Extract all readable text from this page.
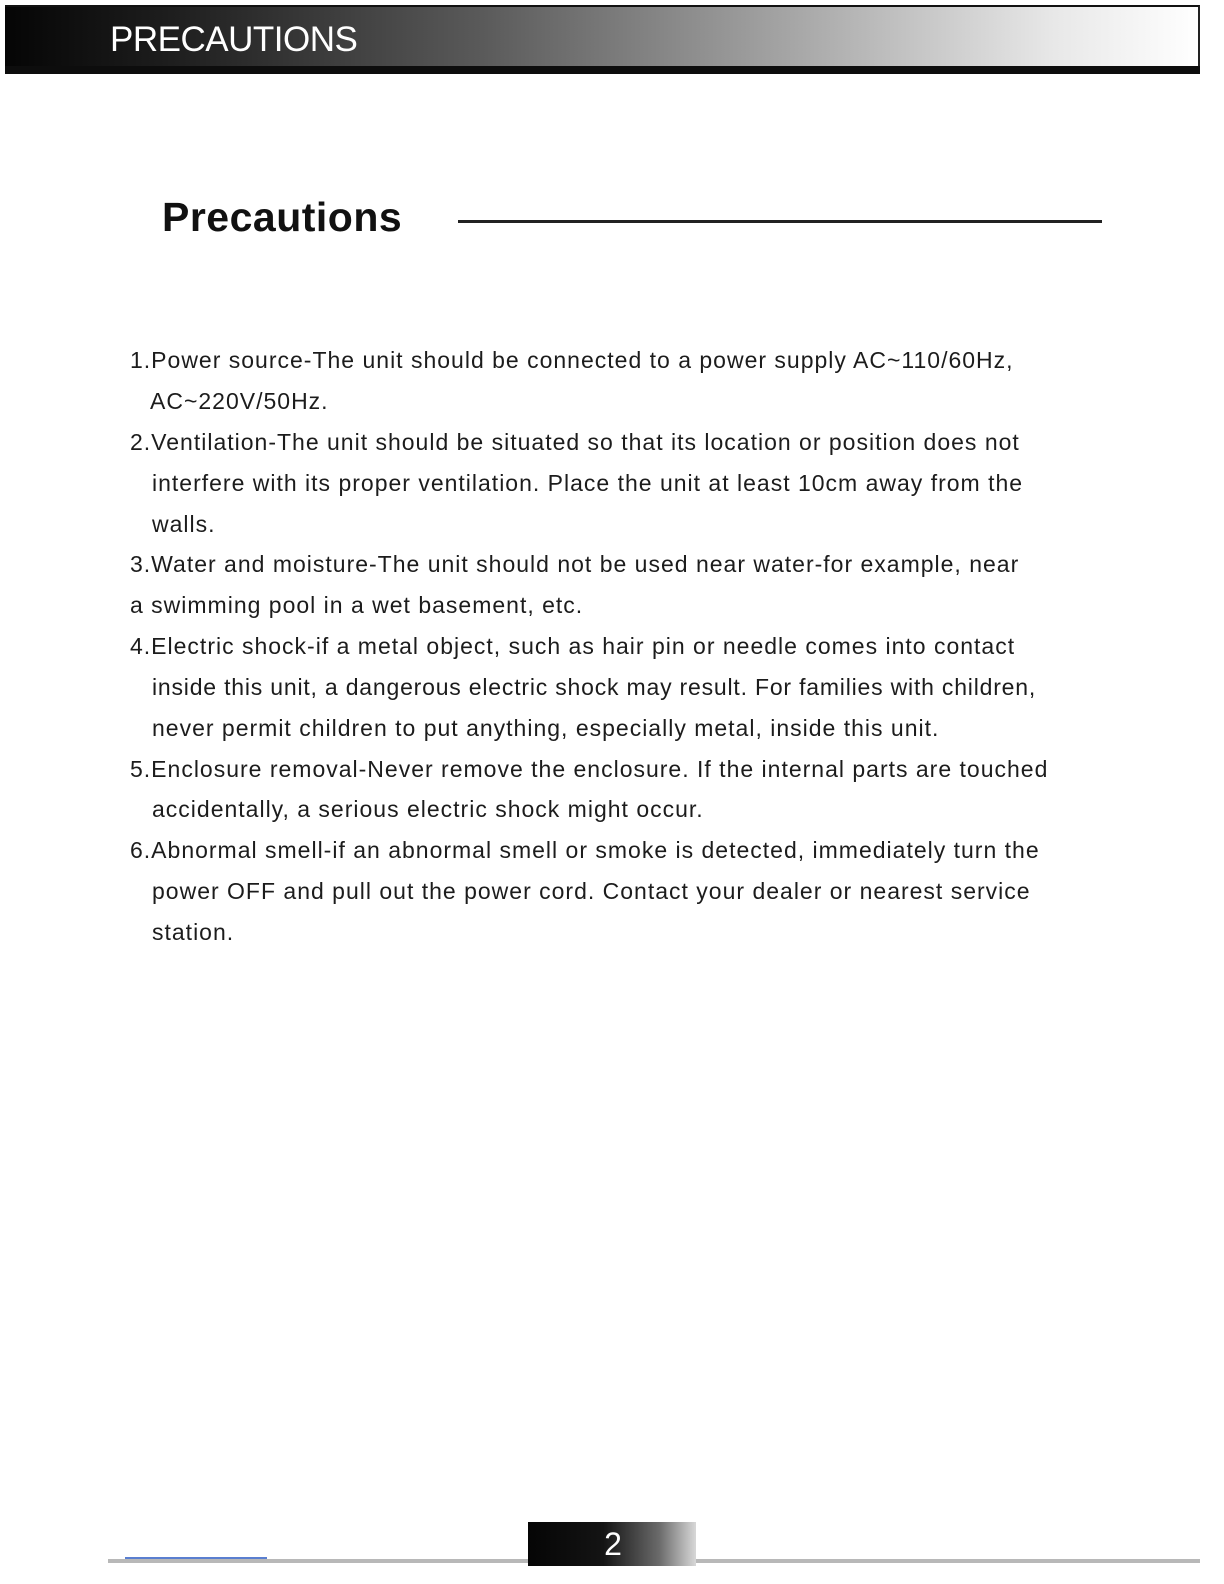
PRECAUTIONS
Precautions
1.Power source-The unit should be connected to a power supply AC~110/60Hz,
AC~220V/50Hz.
2.Ventilation-The unit should be situated so that its location or position does not
interfere with its proper ventilation. Place the unit at least 10cm away from the
walls.
3.Water and moisture-The unit should not be used near water-for example, near
a swimming pool in a wet basement, etc.
4.Electric shock-if a metal object, such as hair pin or needle comes into contact
inside this unit, a dangerous electric shock may result. For families with children,
never permit children to put anything, especially metal, inside this unit.
5.Enclosure removal-Never remove the enclosure. If the internal parts are touched
accidentally, a serious electric shock might occur.
6.Abnormal smell-if an abnormal smell or smoke is detected, immediately turn the
power OFF and pull out the power cord. Contact your dealer or nearest service
station.
2
